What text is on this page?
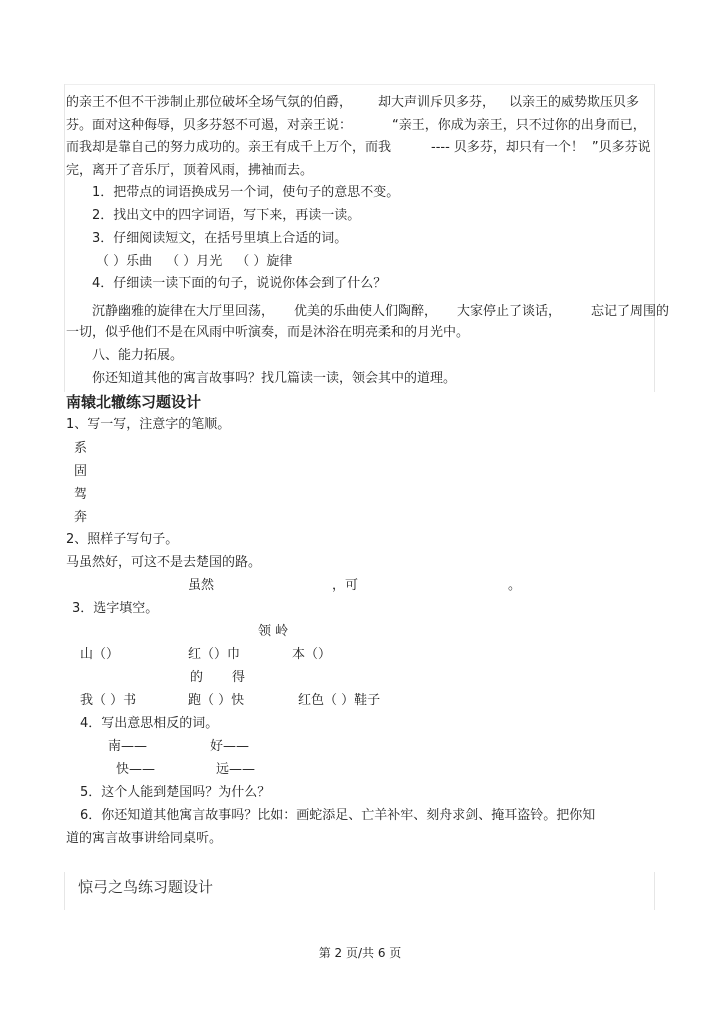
的亲王不但不干涉制止那位破坏全场气氛的伯爵， 却大声训斥贝多芬， 以亲王的威势欺压贝多
芬。面对这种侮辱，贝多芬怒不可遏，对亲王说：	“亲王，你成为亲王，只不过你的出身而已，
而我却是靠自己的努力成功的。亲王有成千上万个，而我	---- 贝多芬，却只有一个！ ”贝多芬说
完，离开了音乐厅，顶着风雨，拂袖而去。
1．把带点的词语换成另一个词，使句子的意思不变。
2．找出文中的四字词语，写下来，再读一读。
3．仔细阅读短文，在括号里填上合适的词。
（ ）乐曲 （ ）月光 （ ）旋律
4．仔细读一读下面的句子，说说你体会到了什么？
沉静幽雅的旋律在大厅里回荡， 优美的乐曲使人们陶醉， 大家停止了谈话， 忘记了周围的
一切，似乎他们不是在风雨中听演奏，而是沐浴在明亮柔和的月光中。
八、能力拓展。
你还知道其他的寓言故事吗？找几篇读一读，领会其中的道理。
南辕北辙练习题设计
1、写一写，注意字的笔顺。
系
固
驾
奔
2、照样子写句子。
马虽然好，可这不是去楚国的路。
虽然	，可	。
3．选字填空。
领 岭
山（）	红（）巾	本（）
的 得
我（ ）书	跑（ ）快	红色（ ）鞋子
4．写出意思相反的词。
南——	好——
快——	远——
5．这个人能到楚国吗？为什么？
6．你还知道其他寓言故事吗？比如：画蛇添足、亡羊补牢、刻舟求剑、掩耳盗铃。把你知
道的寓言故事讲给同桌听。
惊弓之鸟练习题设计
第 2 页/共 6 页
